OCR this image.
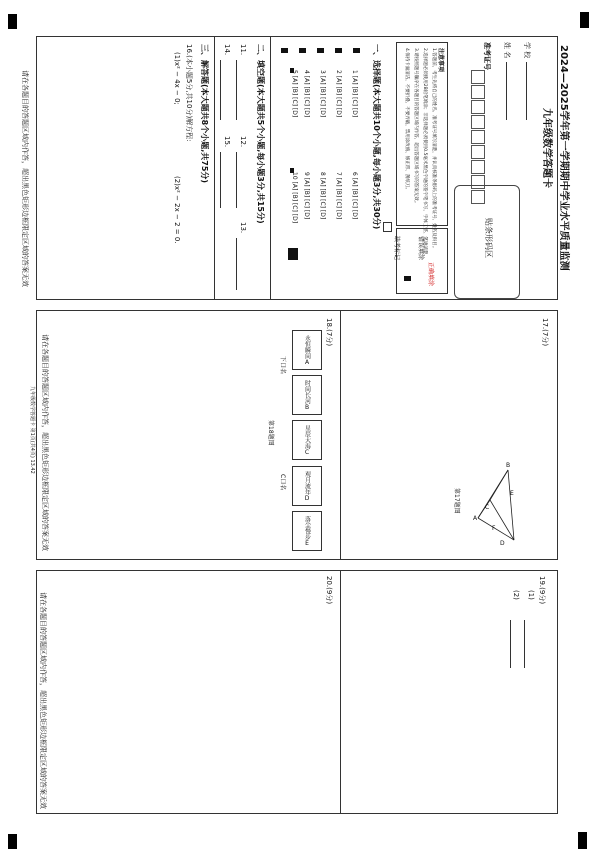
2024—2025学年第一学期期中学业水平质量监测
九年级数学答题卡
学 校
姓 名
准考证号
贴条形码区
注意事项
1.答题前，考生先将自己的姓名、准考证号填写清楚，并认真核准条形码上的准考证号、姓名及科目。
2.选择题必须使用2B铅笔填涂；非选择题必须使用0.5毫米黑色字迹的签字笔书写，字体工整、笔迹清楚。
3.请按照题号顺序在各题目的答题区域内作答，超出答题区域书写的答案无效。
4.保持卡面清洁，不要折叠、不要弄破，禁用涂改液、修正带、刮纸刀。
正确填涂
错误填涂
缺考标记
一、选择题(本大题共10个小题,每小题3分,共30分)
1 [A] [B] [C] [D]
2 [A] [B] [C] [D]
3 [A] [B] [C] [D]
4 [A] [B] [C] [D]
5 [A] [B] [C] [D]
6 [A] [B] [C] [D]
7 [A] [B] [C] [D]
8 [A] [B] [C] [D]
9 [A] [B] [C] [D]
10 [A] [B] [C] [D]
二、填空题(本大题共5个小题,每小题3分,共15分)
11.
12.
13.
14.
15.
三、解答题(本大题共8个小题,共75分)
16.(本小题5分,共10分)解方程:
(1)x² − 4x − 0;
(2)x² − 2x − 2 = 0.
请在各题目的答题区域内作答，超出黑色矩形边框限定区域的答案无效
17.(7分)
B
A
C
E
D
F
第17题图
18.(7分)
永恒瞬间
A
时间长河
B
星辰大海
C
观月流年
D
落尘慢步
E
下口名
C口名
第18题图
请在各题目的答题区域内作答，超出黑色矩形边框限定区域的答案无效
九年级数学答题卡 第1页(共4页) 13.42
19.(9分)
(1)
(2)
20.(9分)
请在各题目的答题区域内作答，超出黑色矩形边框限定区域的答案无效
